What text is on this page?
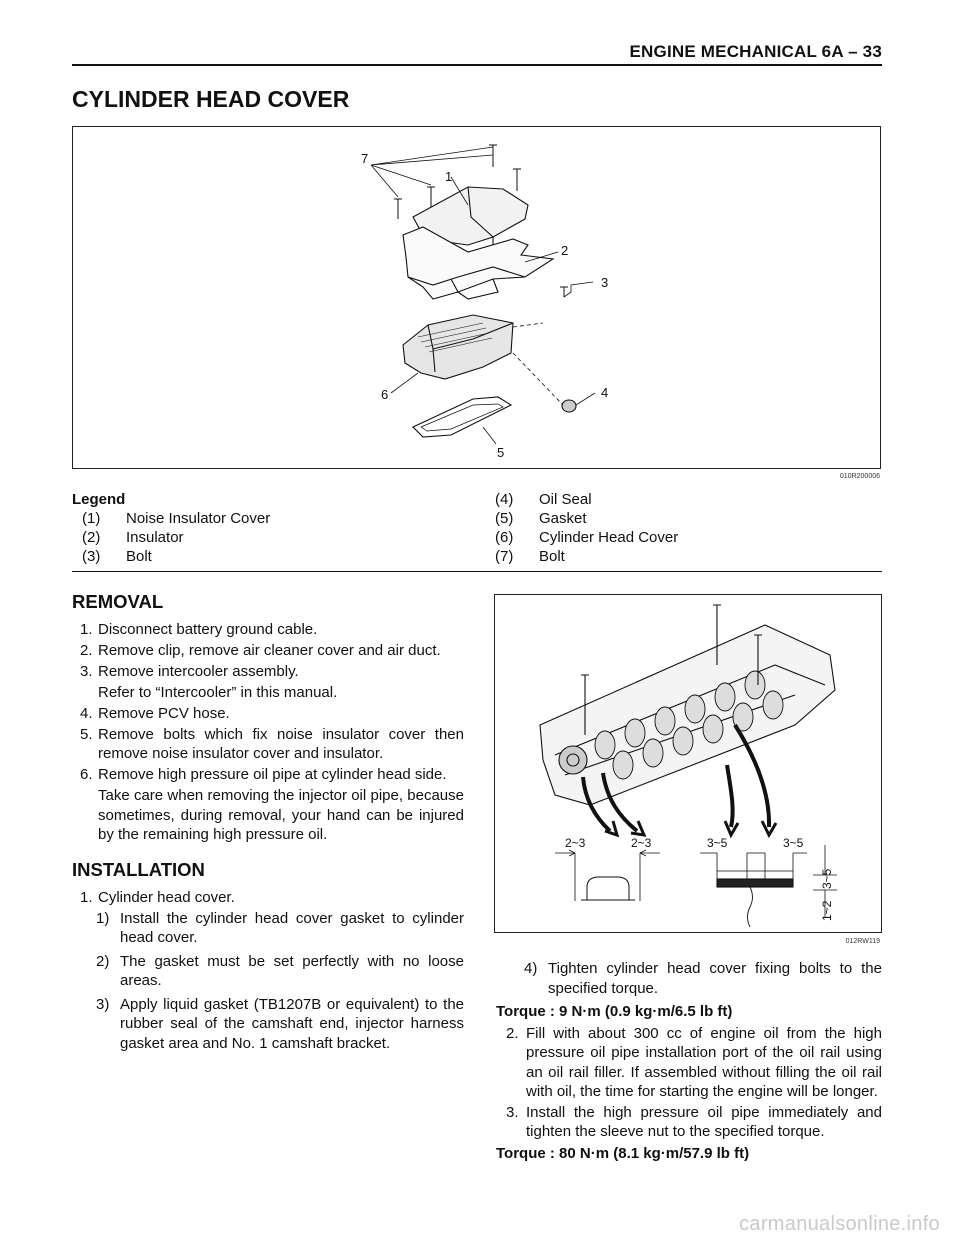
ENGINE MECHANICAL 6A – 33
CYLINDER HEAD COVER
7
1
2
3
4
5
6
010R200006
Legend
(1)	Noise Insulator Cover
(2)	Insulator
(3)	Bolt
(4)	Oil Seal
(5)	Gasket
(6)	Cylinder Head Cover
(7)	Bolt
REMOVAL
1. Disconnect battery ground cable.
2. Remove clip, remove air cleaner cover and air duct.
3. Remove intercooler assembly.
Refer to “Intercooler” in this manual.
4. Remove PCV hose.
5. Remove bolts which fix noise insulator cover then remove noise insulator cover and insulator.
6. Remove high pressure oil pipe at cylinder head side.
Take care when removing the injector oil pipe, because sometimes, during removal, your hand can be injured by the remaining high pressure oil.
INSTALLATION
1. Cylinder head cover.
1) Install the cylinder head cover gasket to cylinder head cover.
2) The gasket must be set perfectly with no loose areas.
3) Apply liquid gasket (TB1207B or equivalent) to the rubber seal of the camshaft end, injector harness gasket area and No. 1 camshaft bracket.
2~3	2~3	3~5	3~5
3~5
1~2
012RW119
4) Tighten cylinder head cover fixing bolts to the specified torque.
Torque : 9 N·m (0.9 kg·m/6.5 lb ft)
2. Fill with about 300 cc of engine oil from the high pressure oil pipe installation port of the oil rail using an oil rail filler. If assembled without filling the oil rail with oil, the time for starting the engine will be longer.
3. Install the high pressure oil pipe immediately and tighten the sleeve nut to the specified torque.
Torque : 80 N·m (8.1 kg·m/57.9 lb ft)
carmanualsonline.info
